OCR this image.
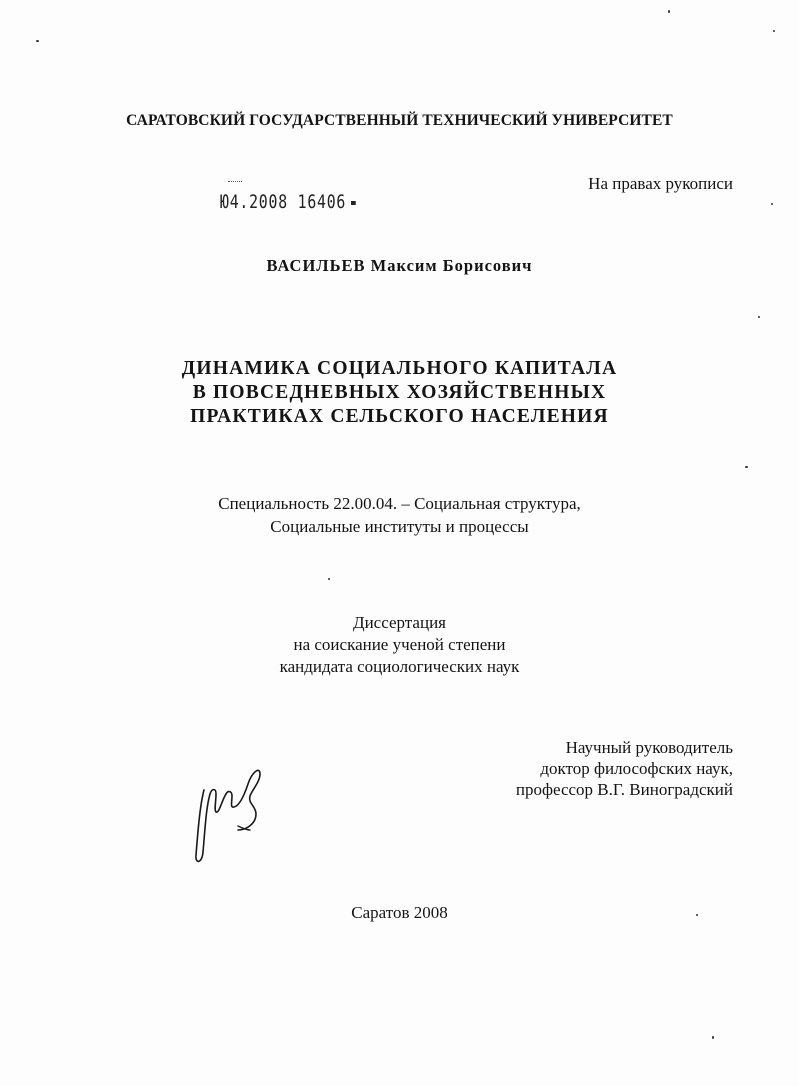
САРАТОВСКИЙ ГОСУДАРСТВЕННЫЙ ТЕХНИЧЕСКИЙ УНИВЕРСИТЕТ
На правах рукописи
Ю4.2008 16406
ВАСИЛЬЕВ Максим Борисович
ДИНАМИКА СОЦИАЛЬНОГО КАПИТАЛА
В ПОВСЕДНЕВНЫХ ХОЗЯЙСТВЕННЫХ
ПРАКТИКАХ СЕЛЬСКОГО НАСЕЛЕНИЯ
Специальность 22.00.04. – Социальная структура,
Социальные институты и процессы
Диссертация
на соискание ученой степени
кандидата социологических наук
Научный руководитель
доктор философских наук,
профессор В.Г. Виноградский
Саратов 2008
